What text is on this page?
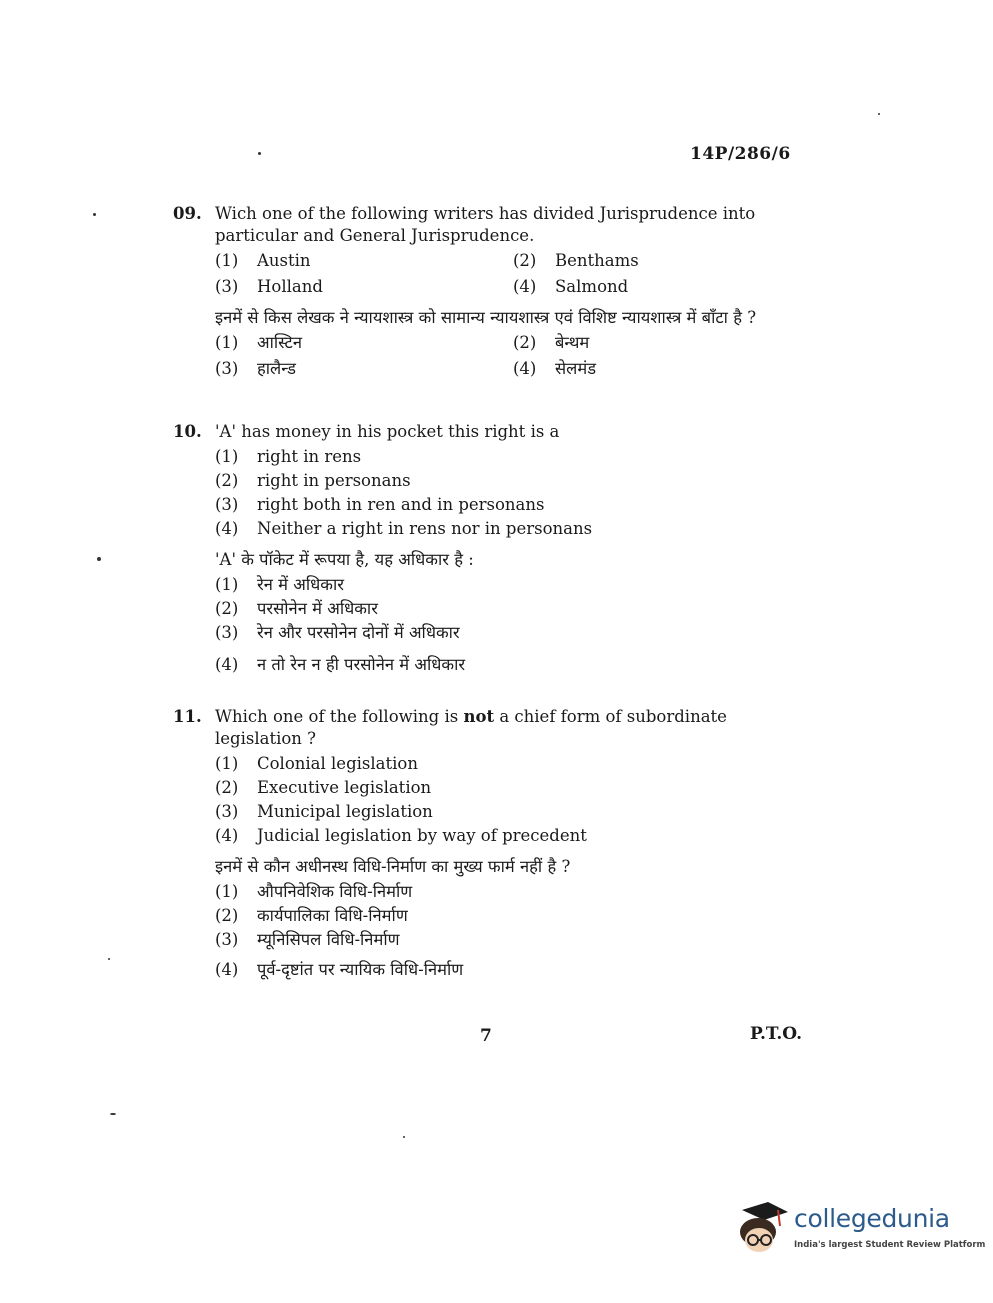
14P/286/6
09. Wich one of the following writers has divided Jurisprudence into particular and General Jurisprudence.
(1)	Austin	(2)	Benthams
(3)	Holland	(4)	Salmond
इनमें से किस लेखक ने न्यायशास्त्र को सामान्य न्यायशास्त्र एवं विशिष्ट न्यायशास्त्र में बाँटा है ?
(1)	आस्टिन	(2)	बेन्थम
(3)	हालैन्ड	(4)	सेलमंड
10. 'A' has money in his pocket this right is a
(1)	right in rens
(2)	right in personans
(3)	right both in ren and in personans
(4)	Neither a right in rens nor in personans
'A' के पॉकेट में रूपया है, यह अधिकार है :
(1)	रेन में अधिकार
(2)	परसोनेन में अधिकार
(3)	रेन और परसोनेन दोनों में अधिकार
(4)	न तो रेन न ही परसोनेन में अधिकार
11. Which one of the following is not a chief form of subordinate legislation ?
(1)	Colonial legislation
(2)	Executive legislation
(3)	Municipal legislation
(4)	Judicial legislation by way of precedent
इनमें से कौन अधीनस्थ विधि-निर्माण का मुख्य फार्म नहीं है ?
(1)	औपनिवेशिक विधि-निर्माण
(2)	कार्यपालिका विधि-निर्माण
(3)	म्यूनिसिपल विधि-निर्माण
(4)	पूर्व-दृष्टांत पर न्यायिक विधि-निर्माण
7	P.T.O.
collegedunia
India's largest Student Review Platform
